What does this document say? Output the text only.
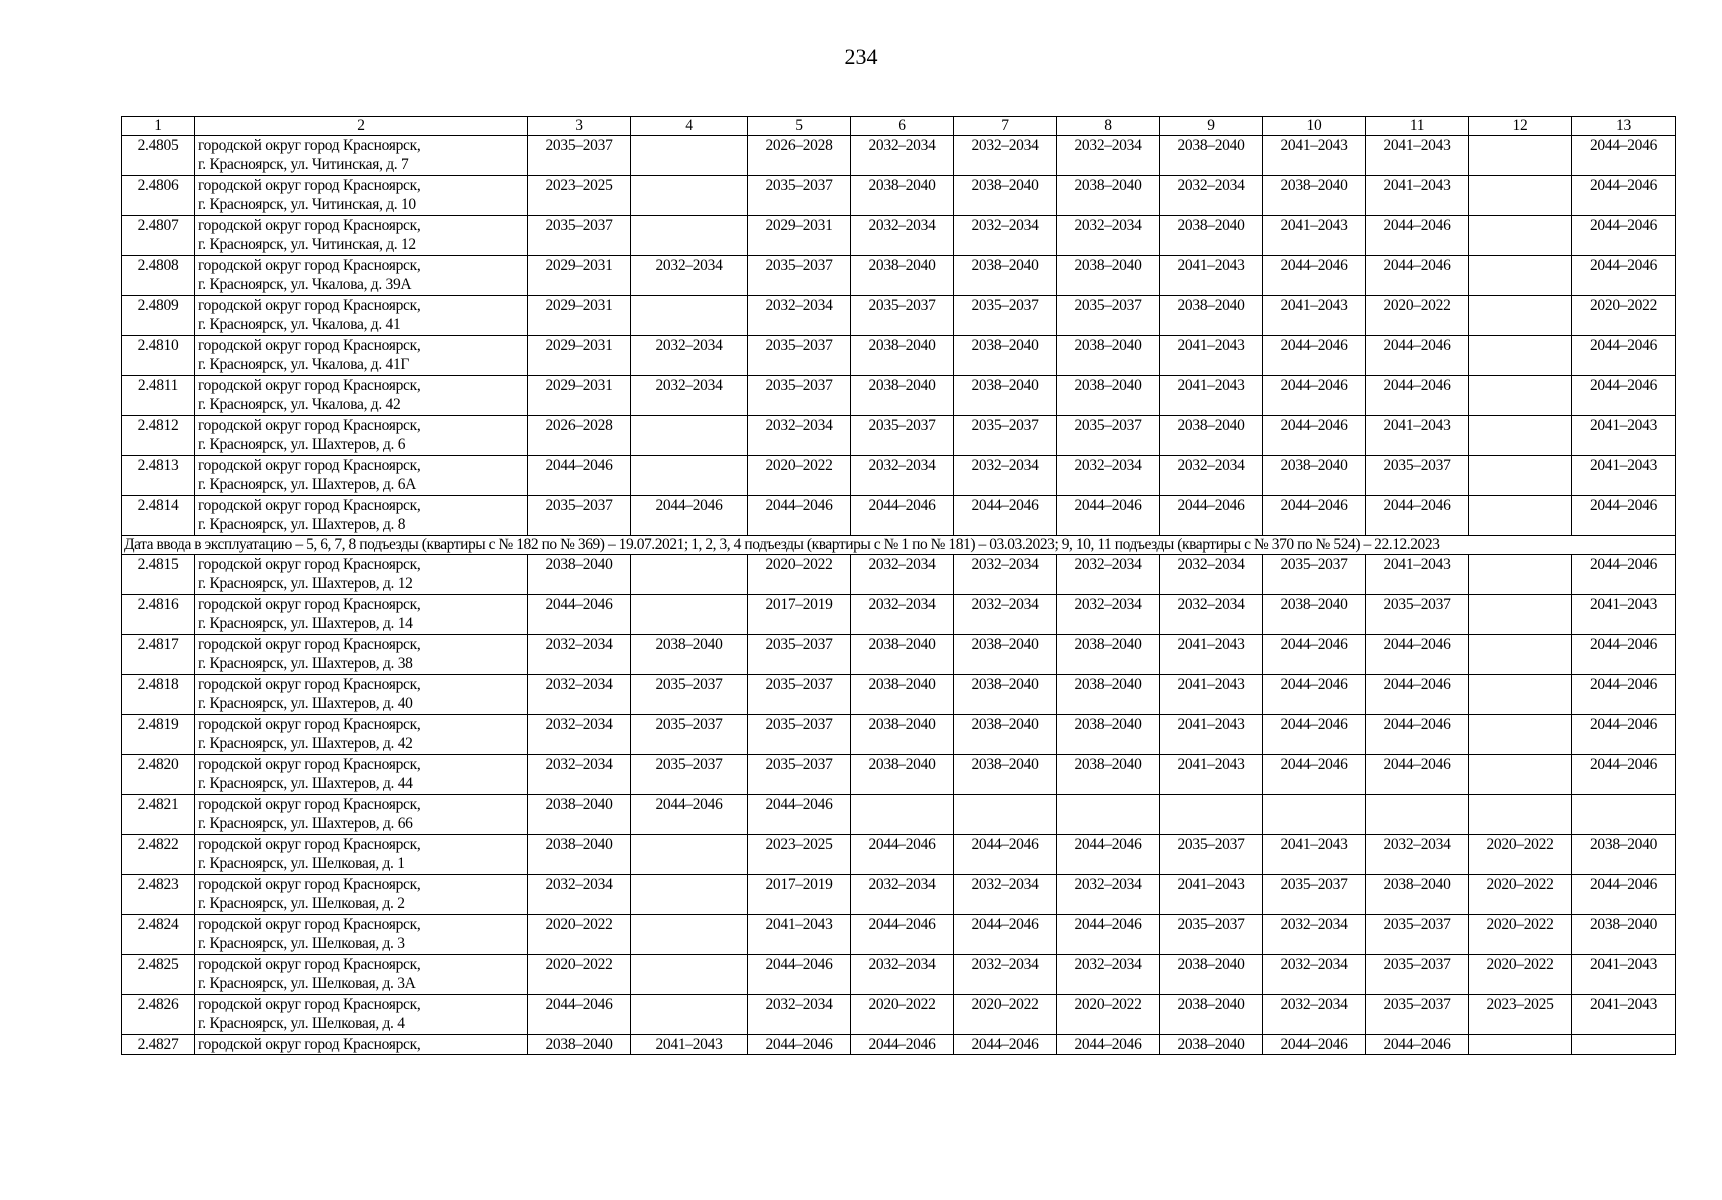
234
1	2	3	4	5	6	7	8	9	10	11	12	13
2.4805	городской округ город Красноярск,
г. Красноярск, ул. Читинская, д. 7	2035–2037		2026–2028	2032–2034	2032–2034	2032–2034	2038–2040	2041–2043	2041–2043		2044–2046
2.4806	городской округ город Красноярск,
г. Красноярск, ул. Читинская, д. 10	2023–2025		2035–2037	2038–2040	2038–2040	2038–2040	2032–2034	2038–2040	2041–2043		2044–2046
2.4807	городской округ город Красноярск,
г. Красноярск, ул. Читинская, д. 12	2035–2037		2029–2031	2032–2034	2032–2034	2032–2034	2038–2040	2041–2043	2044–2046		2044–2046
2.4808	городской округ город Красноярск,
г. Красноярск, ул. Чкалова, д. 39А	2029–2031	2032–2034	2035–2037	2038–2040	2038–2040	2038–2040	2041–2043	2044–2046	2044–2046		2044–2046
2.4809	городской округ город Красноярск,
г. Красноярск, ул. Чкалова, д. 41	2029–2031		2032–2034	2035–2037	2035–2037	2035–2037	2038–2040	2041–2043	2020–2022		2020–2022
2.4810	городской округ город Красноярск,
г. Красноярск, ул. Чкалова, д. 41Г	2029–2031	2032–2034	2035–2037	2038–2040	2038–2040	2038–2040	2041–2043	2044–2046	2044–2046		2044–2046
2.4811	городской округ город Красноярск,
г. Красноярск, ул. Чкалова, д. 42	2029–2031	2032–2034	2035–2037	2038–2040	2038–2040	2038–2040	2041–2043	2044–2046	2044–2046		2044–2046
2.4812	городской округ город Красноярск,
г. Красноярск, ул. Шахтеров, д. 6	2026–2028		2032–2034	2035–2037	2035–2037	2035–2037	2038–2040	2044–2046	2041–2043		2041–2043
2.4813	городской округ город Красноярск,
г. Красноярск, ул. Шахтеров, д. 6А	2044–2046		2020–2022	2032–2034	2032–2034	2032–2034	2032–2034	2038–2040	2035–2037		2041–2043
2.4814	городской округ город Красноярск,
г. Красноярск, ул. Шахтеров, д. 8	2035–2037	2044–2046	2044–2046	2044–2046	2044–2046	2044–2046	2044–2046	2044–2046	2044–2046		2044–2046
Дата ввода в эксплуатацию – 5, 6, 7, 8 подъезды (квартиры с № 182 по № 369) – 19.07.2021; 1, 2, 3, 4 подъезды (квартиры с № 1 по № 181) – 03.03.2023; 9, 10, 11 подъезды (квартиры с № 370 по № 524) – 22.12.2023												
2.4815	городской округ город Красноярск,
г. Красноярск, ул. Шахтеров, д. 12	2038–2040		2020–2022	2032–2034	2032–2034	2032–2034	2032–2034	2035–2037	2041–2043		2044–2046
2.4816	городской округ город Красноярск,
г. Красноярск, ул. Шахтеров, д. 14	2044–2046		2017–2019	2032–2034	2032–2034	2032–2034	2032–2034	2038–2040	2035–2037		2041–2043
2.4817	городской округ город Красноярск,
г. Красноярск, ул. Шахтеров, д. 38	2032–2034	2038–2040	2035–2037	2038–2040	2038–2040	2038–2040	2041–2043	2044–2046	2044–2046		2044–2046
2.4818	городской округ город Красноярск,
г. Красноярск, ул. Шахтеров, д. 40	2032–2034	2035–2037	2035–2037	2038–2040	2038–2040	2038–2040	2041–2043	2044–2046	2044–2046		2044–2046
2.4819	городской округ город Красноярск,
г. Красноярск, ул. Шахтеров, д. 42	2032–2034	2035–2037	2035–2037	2038–2040	2038–2040	2038–2040	2041–2043	2044–2046	2044–2046		2044–2046
2.4820	городской округ город Красноярск,
г. Красноярск, ул. Шахтеров, д. 44	2032–2034	2035–2037	2035–2037	2038–2040	2038–2040	2038–2040	2041–2043	2044–2046	2044–2046		2044–2046
2.4821	городской округ город Красноярск,
г. Красноярск, ул. Шахтеров, д. 66	2038–2040	2044–2046	2044–2046								
2.4822	городской округ город Красноярск,
г. Красноярск, ул. Шелковая, д. 1	2038–2040		2023–2025	2044–2046	2044–2046	2044–2046	2035–2037	2041–2043	2032–2034	2020–2022	2038–2040
2.4823	городской округ город Красноярск,
г. Красноярск, ул. Шелковая, д. 2	2032–2034		2017–2019	2032–2034	2032–2034	2032–2034	2041–2043	2035–2037	2038–2040	2020–2022	2044–2046
2.4824	городской округ город Красноярск,
г. Красноярск, ул. Шелковая, д. 3	2020–2022		2041–2043	2044–2046	2044–2046	2044–2046	2035–2037	2032–2034	2035–2037	2020–2022	2038–2040
2.4825	городской округ город Красноярск,
г. Красноярск, ул. Шелковая, д. 3А	2020–2022		2044–2046	2032–2034	2032–2034	2032–2034	2038–2040	2032–2034	2035–2037	2020–2022	2041–2043
2.4826	городской округ город Красноярск,
г. Красноярск, ул. Шелковая, д. 4	2044–2046		2032–2034	2020–2022	2020–2022	2020–2022	2038–2040	2032–2034	2035–2037	2023–2025	2041–2043
2.4827	городской округ город Красноярск,	2038–2040	2041–2043	2044–2046	2044–2046	2044–2046	2044–2046	2038–2040	2044–2046	2044–2046		
